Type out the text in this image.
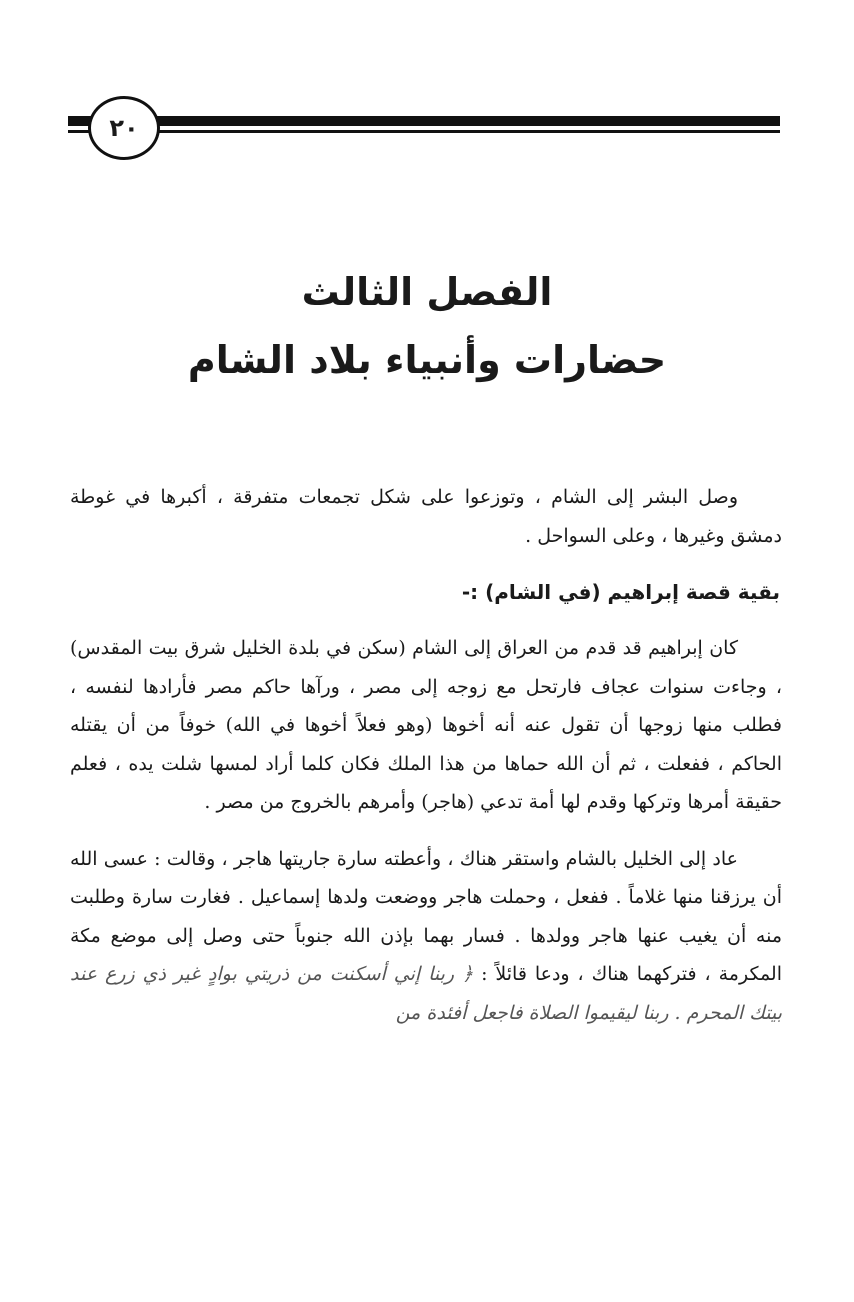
٢٠
الفصل الثالث
حضارات وأنبياء بلاد الشام

وصل البشر إلى الشام ، وتوزعوا على شكل تجمعات متفرقة ، أكبرها في غوطة دمشق وغيرها ، وعلى السواحل .

بقية قصة إبراهيم (في الشام) :-

كان إبراهيم قد قدم من العراق إلى الشام (سكن في بلدة الخليل شرق بيت المقدس) ، وجاءت سنوات عجاف فارتحل مع زوجه إلى مصر ، ورآها حاكم مصر فأرادها لنفسه ، فطلب منها زوجها أن تقول عنه أنه أخوها (وهو فعلاً أخوها في الله) خوفاً من أن يقتله الحاكم ، ففعلت ، ثم أن الله حماها من هذا الملك فكان كلما أراد لمسها شلت يده ، فعلم حقيقة أمرها وتركها وقدم لها أمة تدعي (هاجر) وأمرهم بالخروج من مصر .

عاد إلى الخليل بالشام واستقر هناك ، وأعطته سارة جاريتها هاجر ، وقالت : عسى الله أن يرزقنا منها غلاماً . ففعل ، وحملت هاجر ووضعت ولدها إسماعيل . فغارت سارة وطلبت منه أن يغيب عنها هاجر وولدها . فسار بهما بإذن الله جنوباً حتى وصل إلى موضع مكة المكرمة ، فتركهما هناك ، ودعا قائلاً : ﴿ ربنا إني أسكنت من ذريتي بوادٍ غير ذي زرع عند بيتك المحرم . ربنا ليقيموا الصلاة فاجعل أفئدة من
